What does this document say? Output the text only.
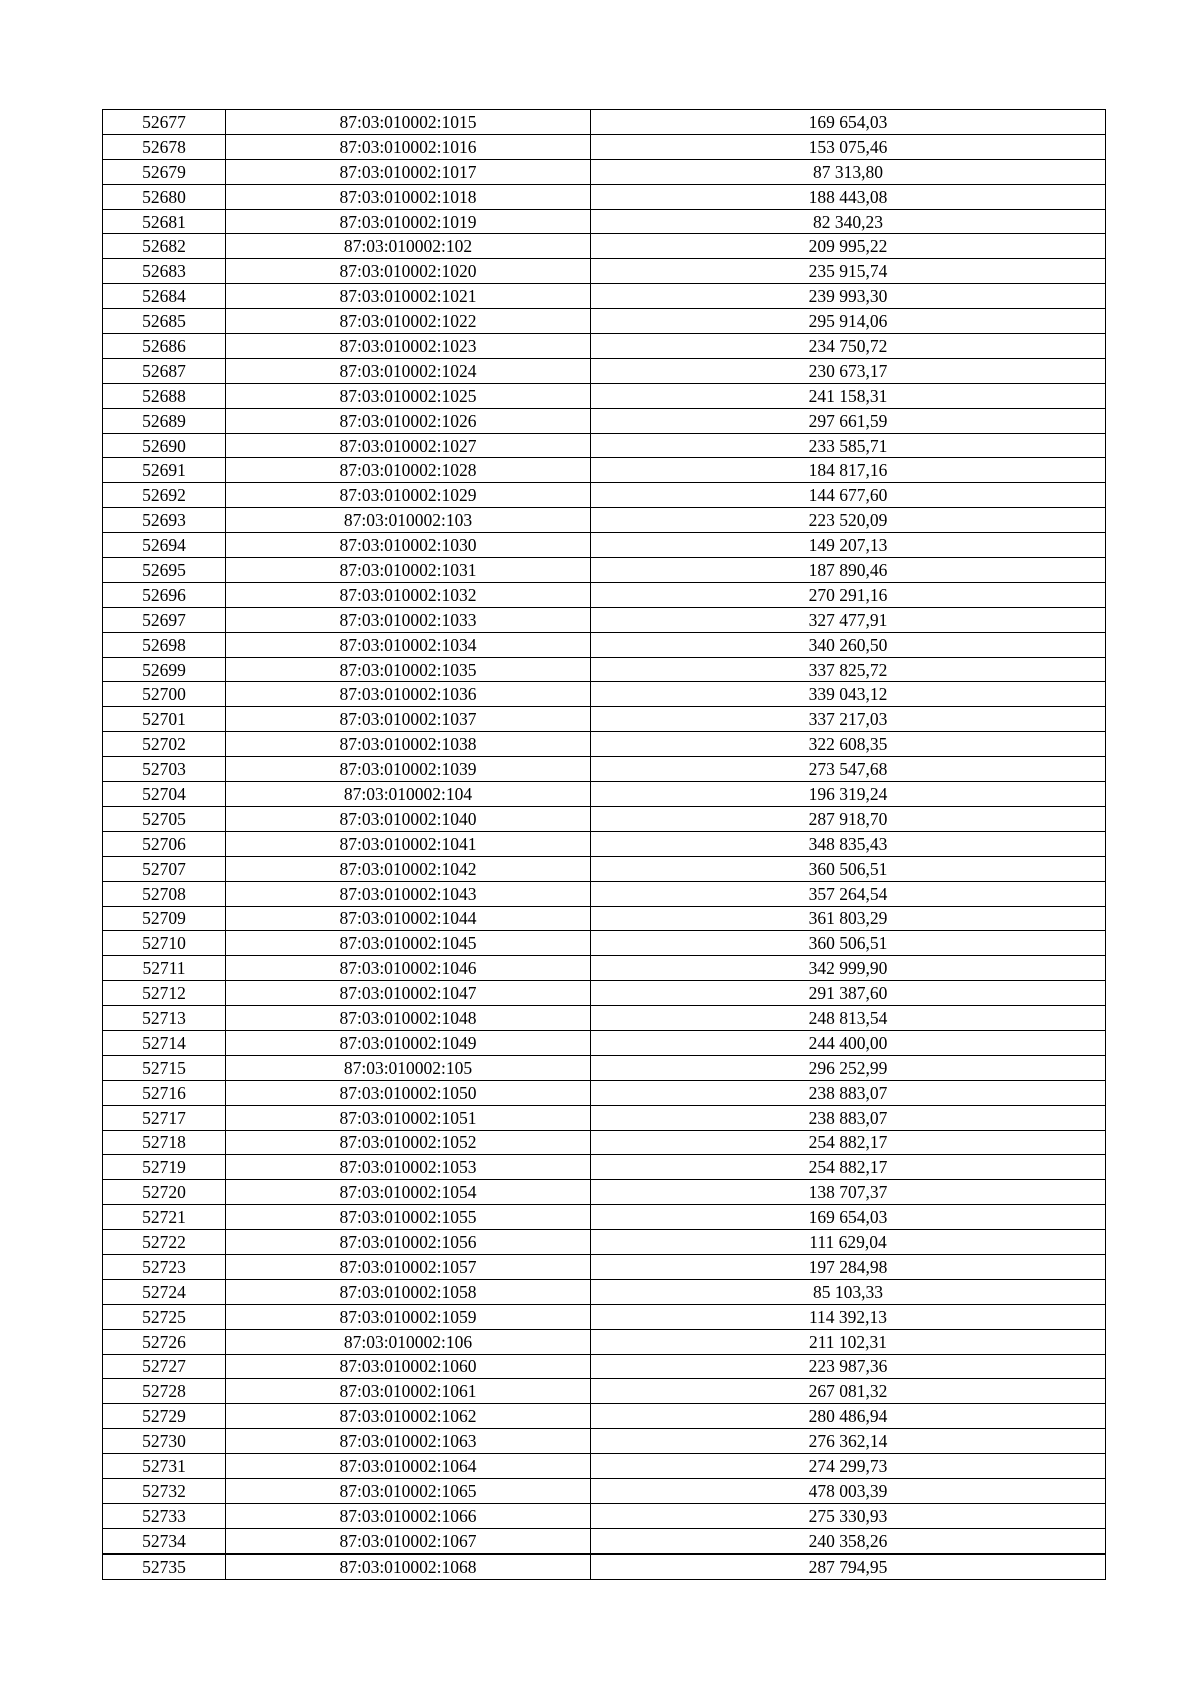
52677	87:03:010002:1015	169 654,03
52678	87:03:010002:1016	153 075,46
52679	87:03:010002:1017	87 313,80
52680	87:03:010002:1018	188 443,08
52681	87:03:010002:1019	82 340,23
52682	87:03:010002:102	209 995,22
52683	87:03:010002:1020	235 915,74
52684	87:03:010002:1021	239 993,30
52685	87:03:010002:1022	295 914,06
52686	87:03:010002:1023	234 750,72
52687	87:03:010002:1024	230 673,17
52688	87:03:010002:1025	241 158,31
52689	87:03:010002:1026	297 661,59
52690	87:03:010002:1027	233 585,71
52691	87:03:010002:1028	184 817,16
52692	87:03:010002:1029	144 677,60
52693	87:03:010002:103	223 520,09
52694	87:03:010002:1030	149 207,13
52695	87:03:010002:1031	187 890,46
52696	87:03:010002:1032	270 291,16
52697	87:03:010002:1033	327 477,91
52698	87:03:010002:1034	340 260,50
52699	87:03:010002:1035	337 825,72
52700	87:03:010002:1036	339 043,12
52701	87:03:010002:1037	337 217,03
52702	87:03:010002:1038	322 608,35
52703	87:03:010002:1039	273 547,68
52704	87:03:010002:104	196 319,24
52705	87:03:010002:1040	287 918,70
52706	87:03:010002:1041	348 835,43
52707	87:03:010002:1042	360 506,51
52708	87:03:010002:1043	357 264,54
52709	87:03:010002:1044	361 803,29
52710	87:03:010002:1045	360 506,51
52711	87:03:010002:1046	342 999,90
52712	87:03:010002:1047	291 387,60
52713	87:03:010002:1048	248 813,54
52714	87:03:010002:1049	244 400,00
52715	87:03:010002:105	296 252,99
52716	87:03:010002:1050	238 883,07
52717	87:03:010002:1051	238 883,07
52718	87:03:010002:1052	254 882,17
52719	87:03:010002:1053	254 882,17
52720	87:03:010002:1054	138 707,37
52721	87:03:010002:1055	169 654,03
52722	87:03:010002:1056	111 629,04
52723	87:03:010002:1057	197 284,98
52724	87:03:010002:1058	85 103,33
52725	87:03:010002:1059	114 392,13
52726	87:03:010002:106	211 102,31
52727	87:03:010002:1060	223 987,36
52728	87:03:010002:1061	267 081,32
52729	87:03:010002:1062	280 486,94
52730	87:03:010002:1063	276 362,14
52731	87:03:010002:1064	274 299,73
52732	87:03:010002:1065	478 003,39
52733	87:03:010002:1066	275 330,93
52734	87:03:010002:1067	240 358,26
52735	87:03:010002:1068	287 794,95
